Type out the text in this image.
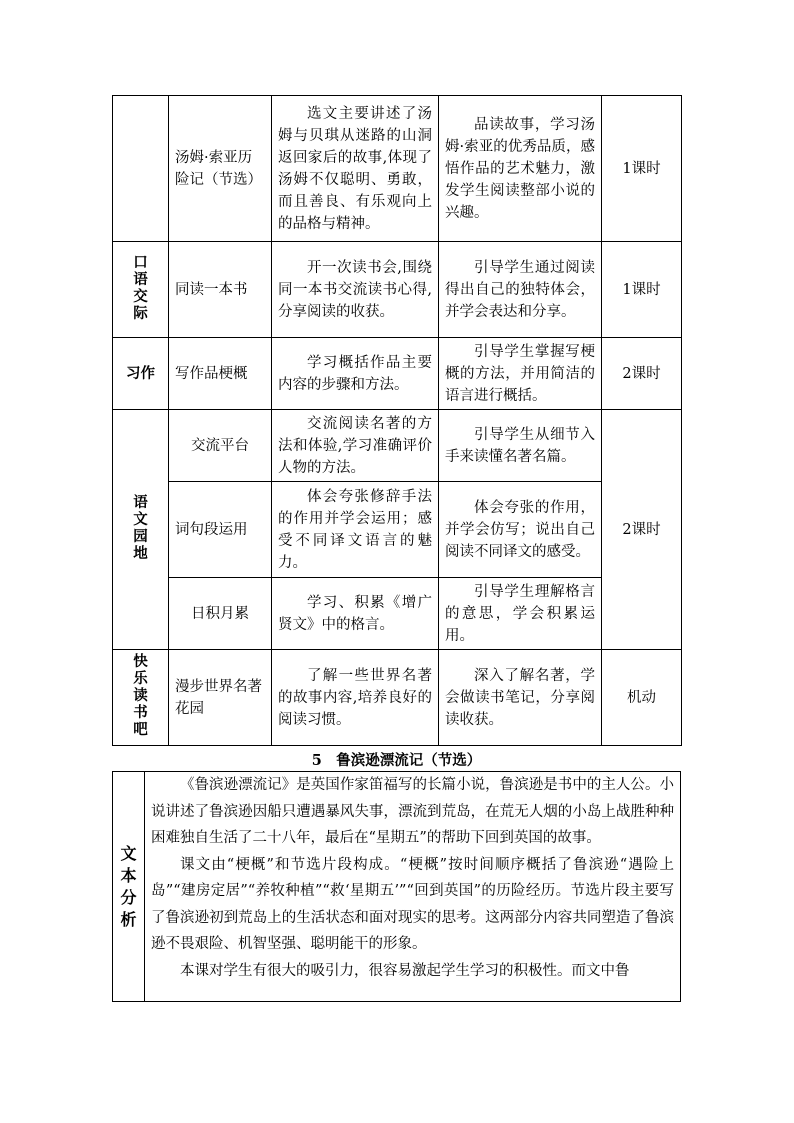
	汤姆·索亚历险记（节选）	选文主要讲述了汤姆与贝琪从迷路的山洞返回家后的故事,体现了汤姆不仅聪明、勇敢，而且善良、有乐观向上的品格与精神。	品读故事，学习汤姆·索亚的优秀品质，感悟作品的艺术魅力，激发学生阅读整部小说的兴趣。	1课时
口语交际	同读一本书	开一次读书会,围绕同一本书交流读书心得,分享阅读的收获。	引导学生通过阅读得出自己的独特体会，并学会表达和分享。	1课时
习作	写作品梗概	学习概括作品主要内容的步骤和方法。	引导学生掌握写梗概的方法，并用简洁的语言进行概括。	2课时
语文园地	交流平台	交流阅读名著的方法和体验,学习准确评价人物的方法。	引导学生从细节入手来读懂名著名篇。	2课时
	词句段运用	体会夸张修辞手法的作用并学会运用；感受不同译文语言的魅力。	体会夸张的作用，并学会仿写；说出自己阅读不同译文的感受。	
	日积月累	学习、积累《增广贤文》中的格言。	引导学生理解格言的意思，学会积累运用。	
快乐读书吧	漫步世界名著花园	了解一些世界名著的故事内容,培养良好的阅读习惯。	深入了解名著，学会做读书笔记，分享阅读收获。	机动
5　鲁滨逊漂流记（节选）
文本分析	

《鲁滨逊漂流记》是英国作家笛福写的长篇小说，鲁滨逊是书中的主人公。小说讲述了鲁滨逊因船只遭遇暴风失事，漂流到荒岛，在荒无人烟的小岛上战胜种种困难独自生活了二十八年，最后在“星期五”的帮助下回到英国的故事。

课文由“梗概”和节选片段构成。“梗概”按时间顺序概括了鲁滨逊“遇险上岛”“建房定居”“养牧种植”“救‘星期五’”“回到英国”的历险经历。节选片段主要写了鲁滨逊初到荒岛上的生活状态和面对现实的思考。这两部分内容共同塑造了鲁滨逊不畏艰险、机智坚强、聪明能干的形象。

本课对学生有很大的吸引力，很容易激起学生学习的积极性。而文中鲁
